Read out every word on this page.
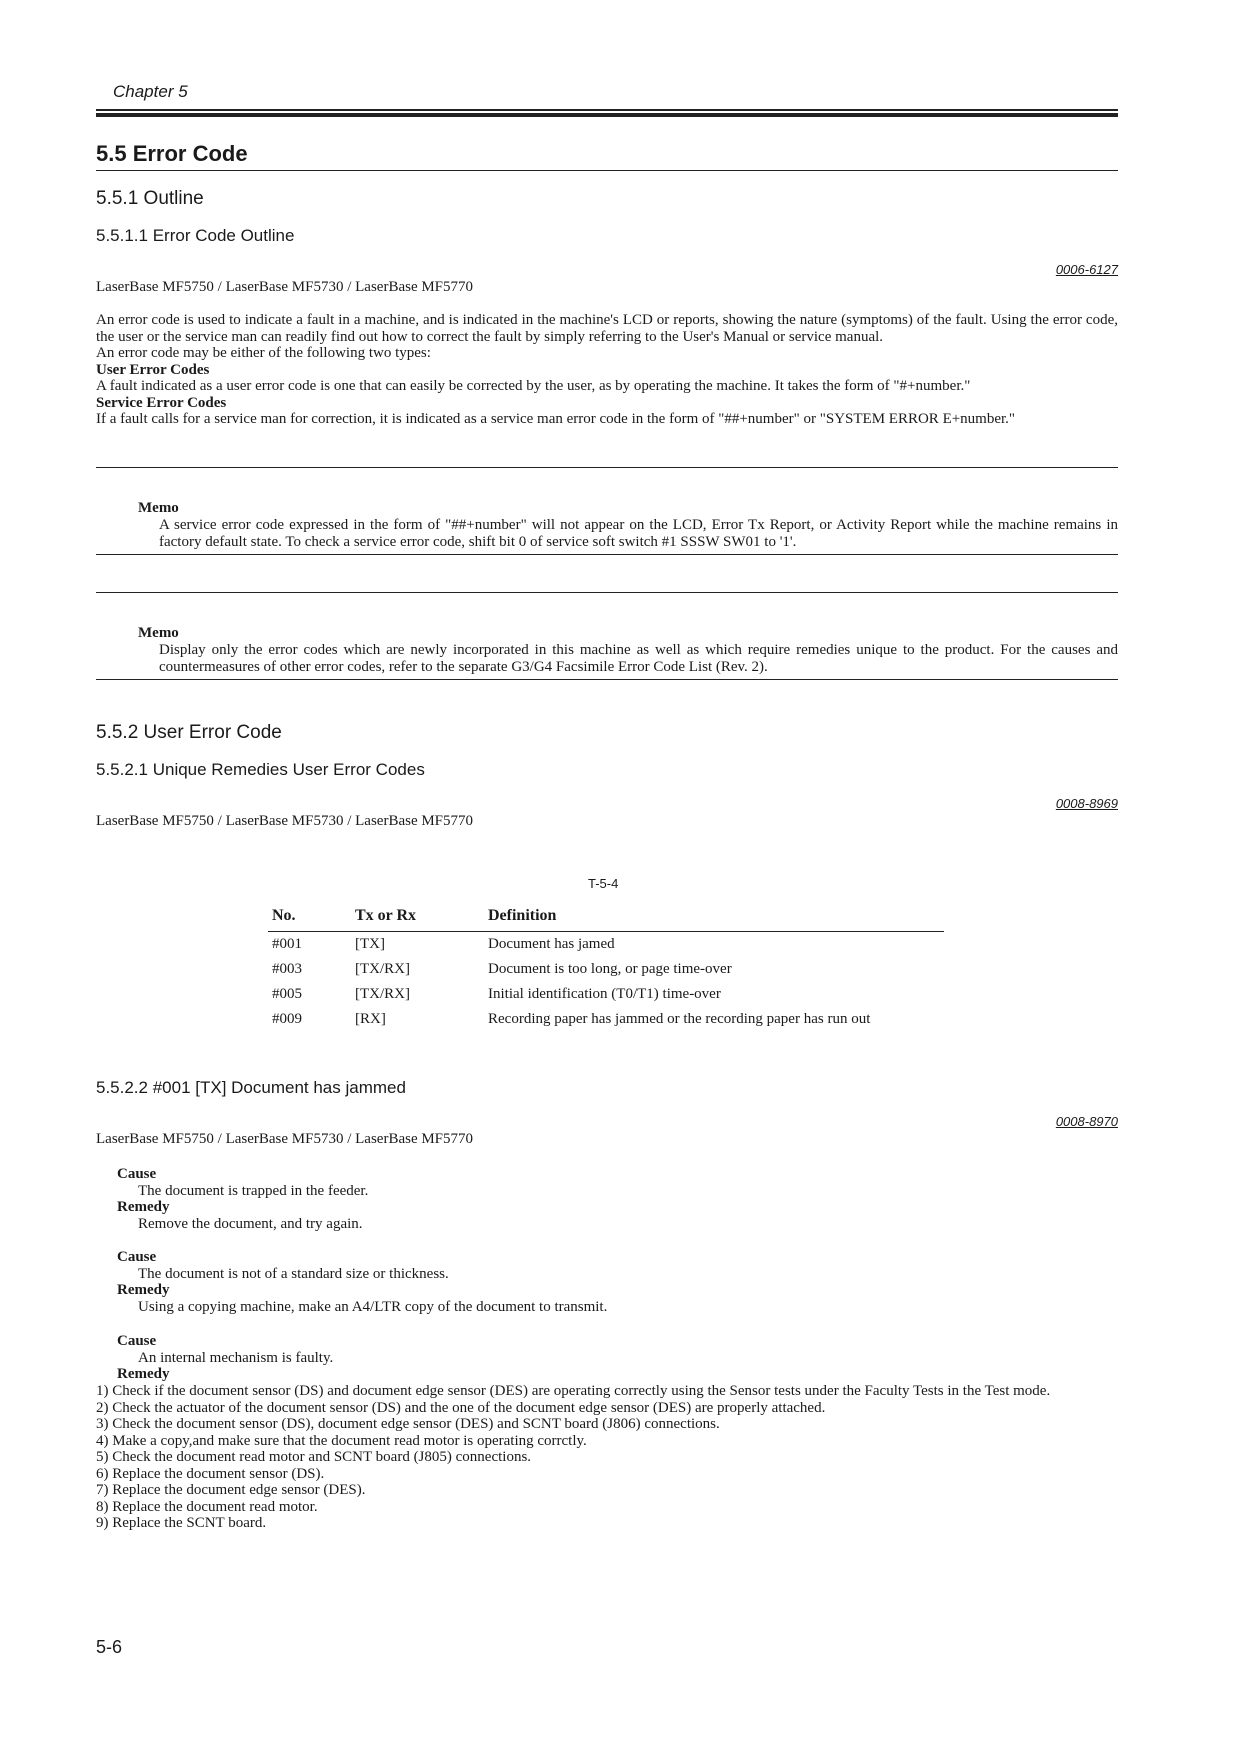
Chapter 5
5.5 Error Code
5.5.1 Outline
5.5.1.1 Error Code Outline
0006-6127
LaserBase MF5750 / LaserBase MF5730 / LaserBase MF5770

An error code is used to indicate a fault in a machine, and is indicated in the machine's LCD or reports, showing the nature (symptoms) of the fault. Using the error code, the user or the service man can readily find out how to correct the fault by simply referring to the User's Manual or service manual.

An error code may be either of the following two types:

User Error Codes

A fault indicated as a user error code is one that can easily be corrected by the user, as by operating the machine. It takes the form of "#+number."

Service Error Codes

If a fault calls for a service man for correction, it is indicated as a service man error code in the form of "##+number" or "SYSTEM ERROR E+number."

Memo
A service error code expressed in the form of "##+number" will not appear on the LCD, Error Tx Report, or Activity Report while the machine remains in factory default state. To check a service error code, shift bit 0 of service soft switch #1 SSSW SW01 to '1'.
Memo
Display only the error codes which are newly incorporated in this machine as well as which require remedies unique to the product. For the causes and countermeasures of other error codes, refer to the separate G3/G4 Facsimile Error Code List (Rev. 2).
5.5.2 User Error Code
5.5.2.1 Unique Remedies User Error Codes
0008-8969
LaserBase MF5750 / LaserBase MF5730 / LaserBase MF5770
T-5-4
No.	Tx or Rx	Definition
#001	[TX]	Document has jamed
#003	[TX/RX]	Document is too long, or page time-over
#005	[TX/RX]	Initial identification (T0/T1) time-over
#009	[RX]	Recording paper has jammed or the recording paper has run out
5.5.2.2 #001 [TX] Document has jammed
0008-8970
LaserBase MF5750 / LaserBase MF5730 / LaserBase MF5770
Cause
The document is trapped in the feeder.
Remedy
Remove the document, and try again.
Cause
The document is not of a standard size or thickness.
Remedy
Using a copying machine, make an A4/LTR copy of the document to transmit.
Cause
An internal mechanism is faulty.
Remedy
1) Check if the document sensor (DS) and document edge sensor (DES) are operating correctly using the Sensor tests under the Faculty Tests in the Test mode.
2) Check the actuator of the document sensor (DS) and the one of the document edge sensor (DES) are properly attached.
3) Check the document sensor (DS), document edge sensor (DES) and SCNT board (J806) connections.
4) Make a copy,and make sure that the document read motor is operating corrctly.
5) Check the document read motor and SCNT board (J805) connections.
6) Replace the document sensor (DS).
7) Replace the document edge sensor (DES).
8) Replace the document read motor.
9) Replace the SCNT board.
5-6
